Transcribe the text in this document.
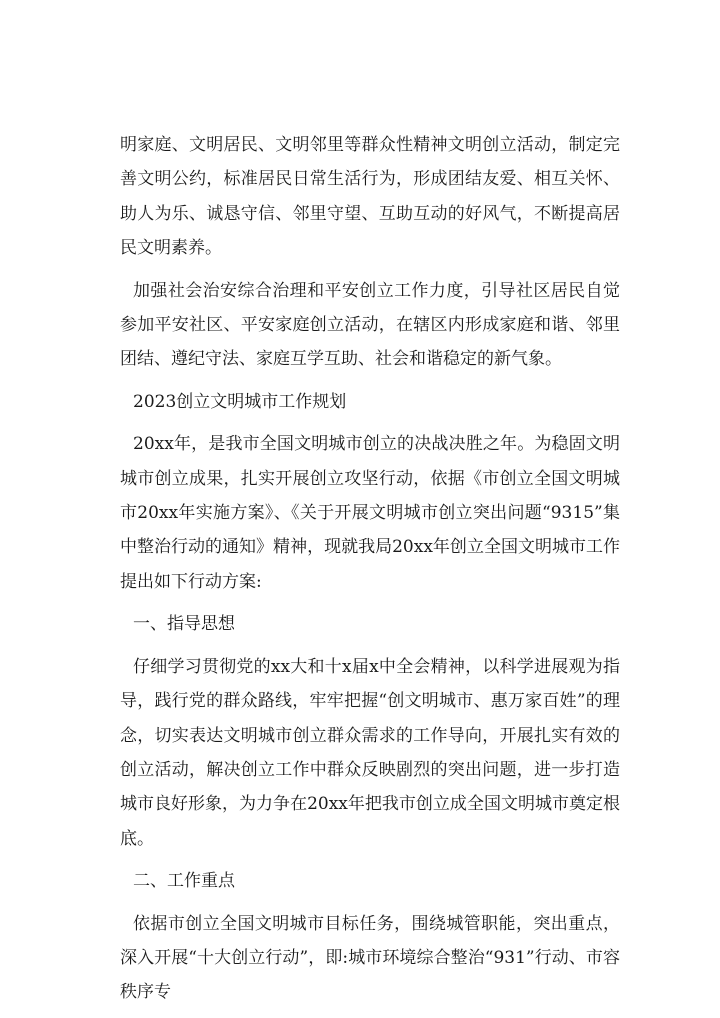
明家庭、文明居民、文明邻里等群众性精神文明创立活动，制定完善文明公约，标准居民日常生活行为，形成团结友爱、相互关怀、助人为乐、诚恳守信、邻里守望、互助互动的好风气，不断提高居民文明素养。

加强社会治安综合治理和平安创立工作力度，引导社区居民自觉参加平安社区、平安家庭创立活动，在辖区内形成家庭和谐、邻里团结、遵纪守法、家庭互学互助、社会和谐稳定的新气象。

2023创立文明城市工作规划

20xx年，是我市全国文明城市创立的决战决胜之年。为稳固文明城市创立成果，扎实开展创立攻坚行动，依据《市创立全国文明城市20xx年实施方案》、《关于开展文明城市创立突出问题“9315”集中整治行动的通知》精神，现就我局20xx年创立全国文明城市工作提出如下行动方案:

一、指导思想

仔细学习贯彻党的xx大和十x届x中全会精神，以科学进展观为指导，践行党的群众路线，牢牢把握“创文明城市、惠万家百姓”的理念，切实表达文明城市创立群众需求的工作导向，开展扎实有效的创立活动，解决创立工作中群众反映剧烈的突出问题，进一步打造城市良好形象，为力争在20xx年把我市创立成全国文明城市奠定根底。

二、工作重点

依据市创立全国文明城市目标任务，围绕城管职能，突出重点，深入开展“十大创立行动”，即:城市环境综合整治“931”行动、市容秩序专
